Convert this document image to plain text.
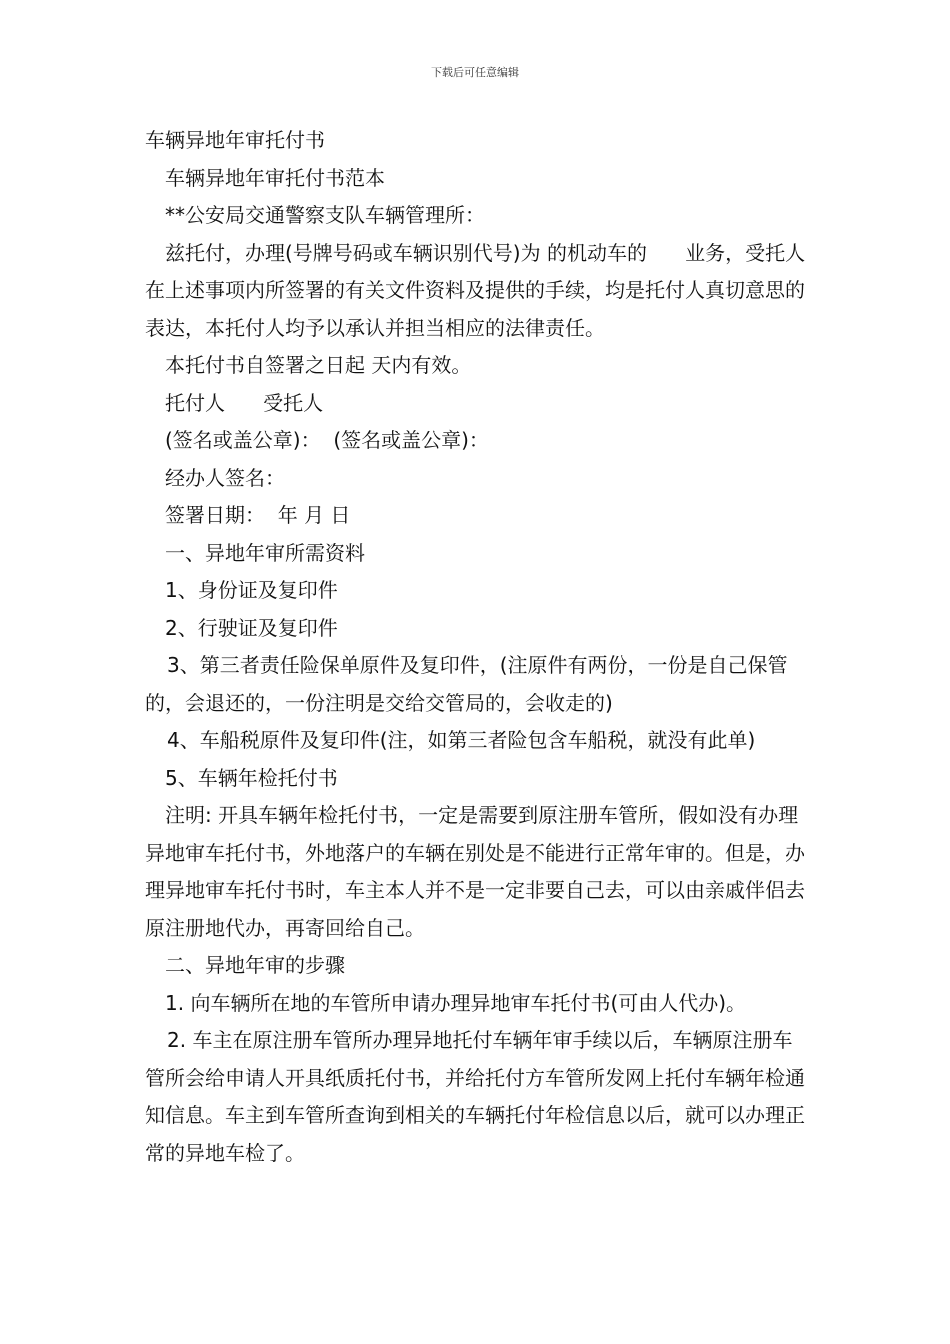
下载后可任意编辑

车辆异地年审托付书

车辆异地年审托付书范本

**公安局交通警察支队车辆管理所：

兹托付，办理(号牌号码或车辆识别代号)为 的机动车的      业务，受托人在上述事项内所签署的有关文件资料及提供的手续，均是托付人真切意思的表达，本托付人均予以承认并担当相应的法律责任。

本托付书自签署之日起 天内有效。

托付人      受托人

(签名或盖公章)：  (签名或盖公章)：

经办人签名：

签署日期：  年 月 日

一、异地年审所需资料

1、身份证及复印件

2、行驶证及复印件

3、第三者责任险保单原件及复印件，(注原件有两份，一份是自己保管的，会退还的，一份注明是交给交管局的，会收走的)

4、车船税原件及复印件(注，如第三者险包含车船税，就没有此单)

5、车辆年检托付书

注明: 开具车辆年检托付书，一定是需要到原注册车管所，假如没有办理异地审车托付书，外地落户的车辆在别处是不能进行正常年审的。但是，办理异地审车托付书时，车主本人并不是一定非要自己去，可以由亲戚伴侣去原注册地代办，再寄回给自己。

二、异地年审的步骤

1. 向车辆所在地的车管所申请办理异地审车托付书(可由人代办)。

2. 车主在原注册车管所办理异地托付车辆年审手续以后，车辆原注册车管所会给申请人开具纸质托付书，并给托付方车管所发网上托付车辆年检通知信息。车主到车管所查询到相关的车辆托付年检信息以后，就可以办理正常的异地车检了。
